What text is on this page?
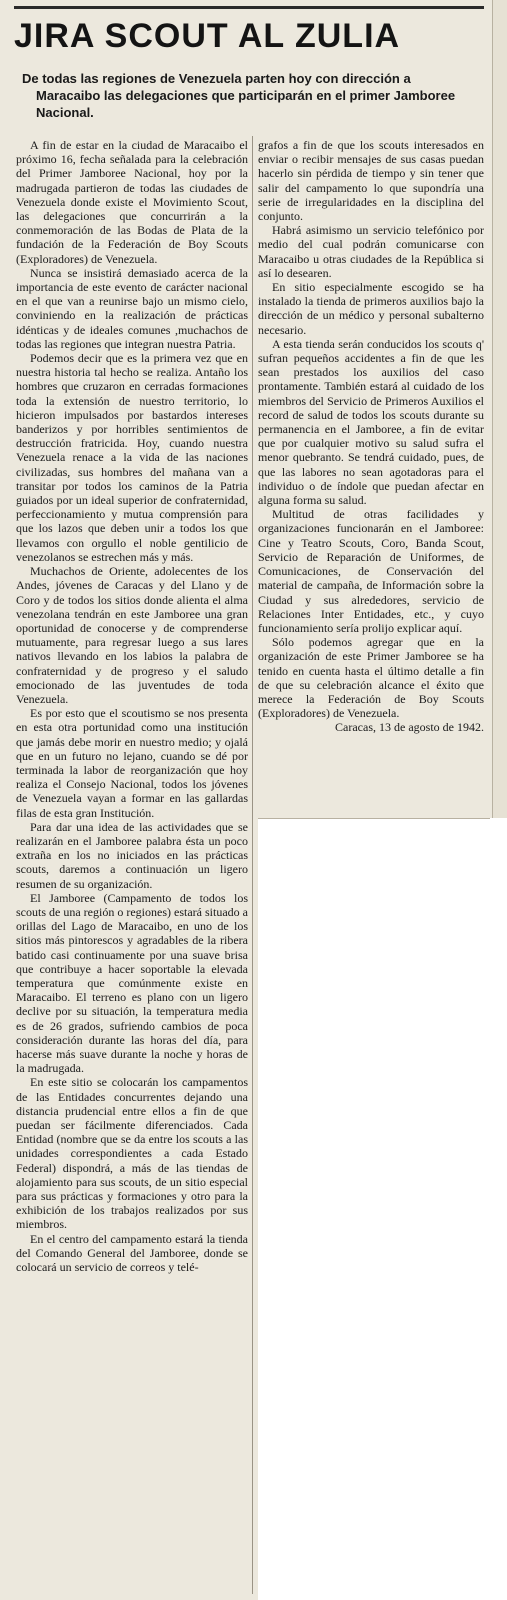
JIRA SCOUT AL ZULIA
De todas las regiones de Venezuela parten hoy con dirección a
Maracaibo las delegaciones que participarán en el primer Jamboree Nacional.

A fin de estar en la ciudad de Maracaibo el próximo 16, fecha señalada para la celebración del Primer Jamboree Nacional, hoy por la madrugada partieron de todas las ciudades de Venezuela donde existe el Movimiento Scout, las delegaciones que concurrirán a la conmemoración de las Bodas de Plata de la fundación de la Federación de Boy Scouts (Exploradores) de Venezuela.

Nunca se insistirá demasiado acerca de la importancia de este evento de carácter nacional en el que van a reunirse bajo un mismo cielo, conviniendo en la realización de prácticas idénticas y de ideales comunes ,muchachos de todas las regiones que integran nuestra Patria.

Podemos decir que es la primera vez que en nuestra historia tal hecho se realiza. Antaño los hombres que cruzaron en cerradas formaciones toda la extensión de nuestro territorio, lo hicieron impulsados por bastardos intereses banderizos y por horribles sentimientos de destrucción fratricida. Hoy, cuando nuestra Venezuela renace a la vida de las naciones civilizadas, sus hombres del mañana van a transitar por todos los caminos de la Patria guiados por un ideal superior de confraternidad, perfeccionamiento y mutua comprensión para que los lazos que deben unir a todos los que llevamos con orgullo el noble gentilicio de venezolanos se estrechen más y más.

Muchachos de Oriente, adolecentes de los Andes, jóvenes de Caracas y del Llano y de Coro y de todos los sitios donde alienta el alma venezolana tendrán en este Jamboree una gran oportunidad de conocerse y de comprenderse mutuamente, para regresar luego a sus lares nativos llevando en los labios la palabra de confraternidad y de progreso y el saludo emocionado de las juventudes de toda Venezuela.

Es por esto que el scoutismo se nos presenta en esta otra portunidad como una institución que jamás debe morir en nuestro medio; y ojalá que en un futuro no lejano, cuando se dé por terminada la labor de reorganización que hoy realiza el Consejo Nacional, todos los jóvenes de Venezuela vayan a formar en las gallardas filas de esta gran Institución.

Para dar una idea de las actividades que se realizarán en el Jamboree palabra ésta un poco extraña en los no iniciados en las prácticas scouts, daremos a continuación un ligero resumen de su organización.

El Jamboree (Campamento de todos los scouts de una región o regiones) estará situado a orillas del Lago de Maracaibo, en uno de los sitios más pintorescos y agradables de la ribera batido casi continuamente por una suave brisa que contribuye a hacer soportable la elevada temperatura que comúnmente existe en Maracaibo. El terreno es plano con un ligero declive por su situación, la temperatura media es de 26 grados, sufriendo cambios de poca consideración durante las horas del día, para hacerse más suave durante la noche y horas de la madrugada.

En este sitio se colocarán los campamentos de las Entidades concurrentes dejando una distancia prudencial entre ellos a fin de que puedan ser fácilmente diferenciados. Cada Entidad (nombre que se da entre los scouts a las unidades correspondientes a cada Estado Federal) dispondrá, a más de las tiendas de alojamiento para sus scouts, de un sitio especial para sus prácticas y formaciones y otro para la exhibición de los trabajos realizados por sus miembros.

En el centro del campamento estará la tienda del Comando General del Jamboree, donde se colocará un servicio de correos y telé-

grafos a fin de que los scouts interesados en enviar o recibir mensajes de sus casas puedan hacerlo sin pérdida de tiempo y sin tener que salir del campamento lo que supondría una serie de irregularidades en la disciplina del conjunto.

Habrá asimismo un servicio telefónico por medio del cual podrán comunicarse con Maracaibo u otras ciudades de la República si así lo desearen.

En sitio especialmente escogido se ha instalado la tienda de primeros auxilios bajo la dirección de un médico y personal subalterno necesario.

A esta tienda serán conducidos los scouts q' sufran pequeños accidentes a fin de que les sean prestados los auxilios del caso prontamente. También estará al cuidado de los miembros del Servicio de Primeros Auxilios el record de salud de todos los scouts durante su permanencia en el Jamboree, a fin de evitar que por cualquier motivo su salud sufra el menor quebranto. Se tendrá cuidado, pues, de que las labores no sean agotadoras para el individuo o de índole que puedan afectar en alguna forma su salud.

Multitud de otras facilidades y organizaciones funcionarán en el Jamboree: Cine y Teatro Scouts, Coro, Banda Scout, Servicio de Reparación de Uniformes, de Comunicaciones, de Conservación del material de campaña, de Información sobre la Ciudad y sus alrededores, servicio de Relaciones Inter Entidades, etc., y cuyo funcionamiento sería prolijo explicar aquí.

Sólo podemos agregar que en la organización de este Primer Jamboree se ha tenido en cuenta hasta el último detalle a fin de que su celebración alcance el éxito que merece la Federación de Boy Scouts (Exploradores) de Venezuela.

Caracas, 13 de agosto de 1942.
